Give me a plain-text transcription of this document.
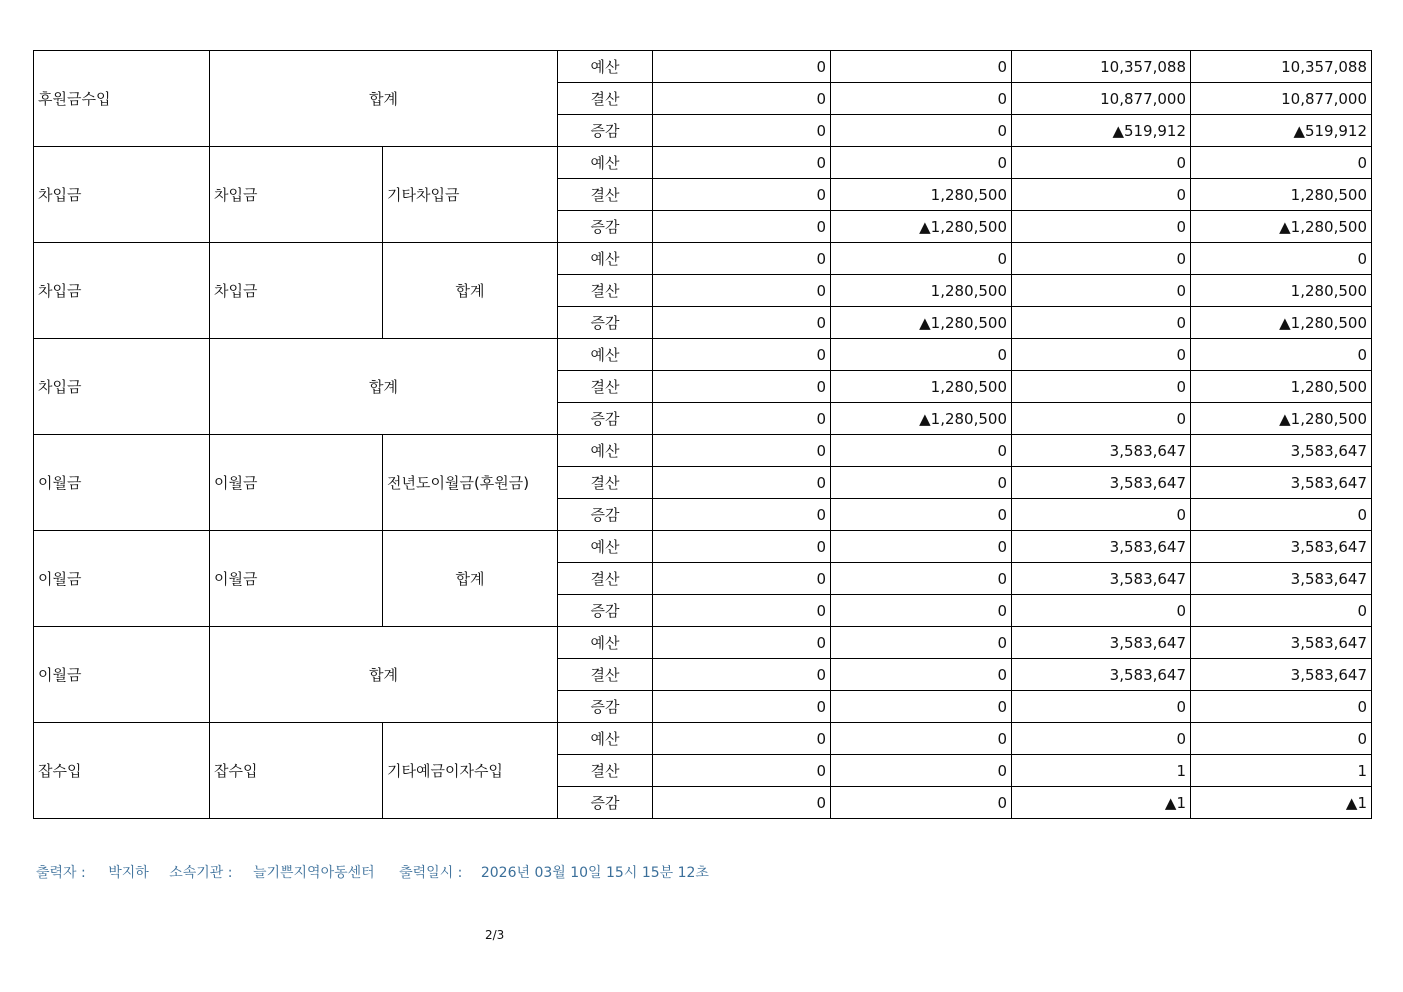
후원금수입	합계		예산	0	0	10,357,088	10,357,088
			결산	0	0	10,877,000	10,877,000
			증감	0	0	▲519,912	▲519,912
차입금	차입금	기타차입금	예산	0	0	0	0
			결산	0	1,280,500	0	1,280,500
			증감	0	▲1,280,500	0	▲1,280,500
차입금	차입금	합계	예산	0	0	0	0
			결산	0	1,280,500	0	1,280,500
			증감	0	▲1,280,500	0	▲1,280,500
차입금	합계		예산	0	0	0	0
			결산	0	1,280,500	0	1,280,500
			증감	0	▲1,280,500	0	▲1,280,500
이월금	이월금	전년도이월금(후원금)	예산	0	0	3,583,647	3,583,647
			결산	0	0	3,583,647	3,583,647
			증감	0	0	0	0
이월금	이월금	합계	예산	0	0	3,583,647	3,583,647
			결산	0	0	3,583,647	3,583,647
			증감	0	0	0	0
이월금	합계		예산	0	0	3,583,647	3,583,647
			결산	0	0	3,583,647	3,583,647
			증감	0	0	0	0
잡수입	잡수입	기타예금이자수입	예산	0	0	0	0
			결산	0	0	1	1
			증감	0	0	▲1	▲1
출력자 : 박지하 소속기관 : 늘기쁜지역아동센터 출력일시 : 2026년 03월 10일 15시 15분 12초
2/3
